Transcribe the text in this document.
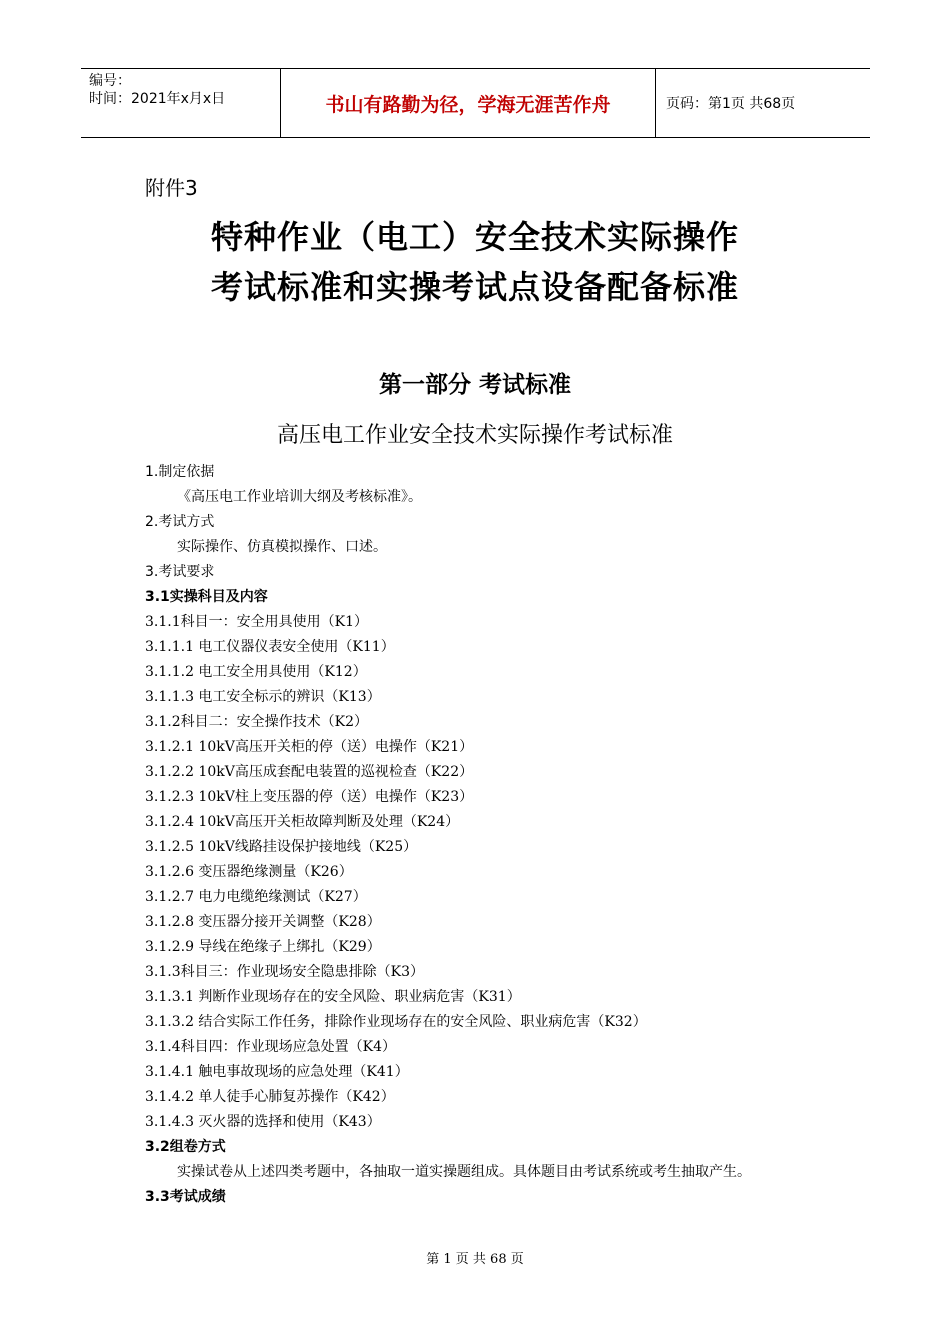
编号：
时间：2021年x月x日	书山有路勤为径，学海无涯苦作舟	页码：第1页 共68页
附件3
特种作业（电工）安全技术实际操作
考试标准和实操考试点设备配备标准
第一部分 考试标准
高压电工作业安全技术实际操作考试标准
1.制定依据
《高压电工作业培训大纲及考核标准》。
2.考试方式
实际操作、仿真模拟操作、口述。
3.考试要求
3.1实操科目及内容
3.1.1科目一：安全用具使用（K1）
3.1.1.1 电工仪器仪表安全使用（K11）
3.1.1.2 电工安全用具使用（K12）
3.1.1.3 电工安全标示的辨识（K13）
3.1.2科目二：安全操作技术（K2）
3.1.2.1 10kV高压开关柜的停（送）电操作（K21）
3.1.2.2 10kV高压成套配电装置的巡视检查（K22）
3.1.2.3 10kV柱上变压器的停（送）电操作（K23）
3.1.2.4 10kV高压开关柜故障判断及处理（K24）
3.1.2.5 10kV线路挂设保护接地线（K25）
3.1.2.6 变压器绝缘测量（K26）
3.1.2.7 电力电缆绝缘测试（K27）
3.1.2.8 变压器分接开关调整（K28）
3.1.2.9 导线在绝缘子上绑扎（K29）
3.1.3科目三：作业现场安全隐患排除（K3）
3.1.3.1 判断作业现场存在的安全风险、职业病危害（K31）
3.1.3.2 结合实际工作任务，排除作业现场存在的安全风险、职业病危害（K32）
3.1.4科目四：作业现场应急处置（K4）
3.1.4.1 触电事故现场的应急处理（K41）
3.1.4.2 单人徒手心肺复苏操作（K42）
3.1.4.3 灭火器的选择和使用（K43）
3.2组卷方式
实操试卷从上述四类考题中，各抽取一道实操题组成。具体题目由考试系统或考生抽取产生。
3.3考试成绩
第 1 页 共 68 页
